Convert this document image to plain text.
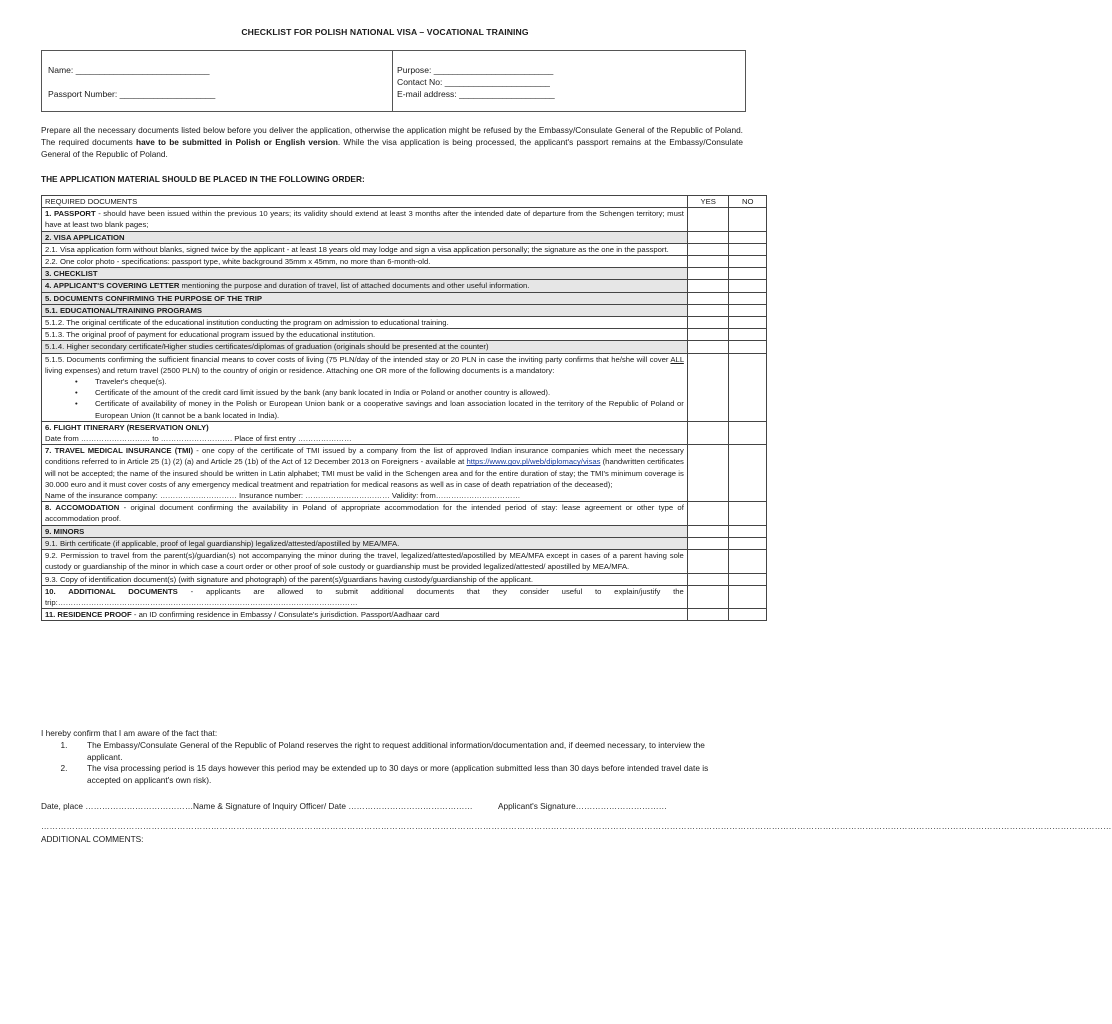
CHECKLIST FOR POLISH NATIONAL VISA – VOCATIONAL TRAINING
Name: ____________________________
Passport Number: ____________________
Purpose: _________________________
Contact No: ______________________
E-mail address: ____________________
Prepare all the necessary documents listed below before you deliver the application, otherwise the application might be refused by the Embassy/Consulate General of the Republic of Poland. The required documents have to be submitted in Polish or English version. While the visa application is being processed, the applicant's passport remains at the Embassy/Consulate General of the Republic of Poland.
THE APPLICATION MATERIAL SHOULD BE PLACED IN THE FOLLOWING ORDER:
REQUIRED DOCUMENTS	YES	NO
1. PASSPORT - should have been issued within the previous 10 years; its validity should extend at least 3 months after the intended date of departure from the Schengen territory; must have at least two blank pages;		
2. VISA APPLICATION		
2.1. Visa application form without blanks, signed twice by the applicant - at least 18 years old may lodge and sign a visa application personally; the signature as the one in the passport.		
2.2. One color photo - specifications: passport type, white background 35mm x 45mm, no more than 6-month-old.		
3. CHECKLIST		
4. APPLICANT'S COVERING LETTER mentioning the purpose and duration of travel, list of attached documents and other useful information.		
5. DOCUMENTS CONFIRMING THE PURPOSE OF THE TRIP		
5.1. EDUCATIONAL/TRAINING PROGRAMS		
5.1.2. The original certificate of the educational institution conducting the program on admission to educational training.		
5.1.3. The original proof of payment for educational program issued by the educational institution.		
5.1.4. Higher secondary certificate/Higher studies certificates/diplomas of graduation (originals should be presented at the counter)		

5.1.5. Documents confirming the sufficient financial means to cover costs of living (75 PLN/day of the intended stay or 20 PLN in case the inviting party confirms that he/she will cover ALL living expenses) and return travel (2500 PLN) to the country of origin or residence. Attaching one OR more of the following documents is a mandatory:
• Traveler's cheque(s).
• Certificate of the amount of the credit card limit issued by the bank (any bank located in India or Poland or another country is allowed).
• Certificate of availability of money in the Polish or European Union bank or a cooperative savings and loan association located in the territory of the Republic of Poland or European Union (It cannot be a bank located in India).		

6. FLIGHT ITINERARY (RESERVATION ONLY)
Date from ……………………… to ………………………. Place of first entry …………………		

7. TRAVEL MEDICAL INSURANCE (TMI) - one copy of the certificate of TMI issued by a company from the list of approved Indian insurance companies which meet the necessary conditions referred to in Article 25 (1) (2) (a) and Article 25 (1b) of the Act of 12 December 2013 on Foreigners - available at https://www.gov.pl/web/diplomacy/visas (handwritten certificates will not be accepted; the name of the insured should be written in Latin alphabet; TMI must be valid in the Schengen area and for the entire duration of stay; the TMI's minimum coverage is 30.000 euro and it must cover costs of any emergency medical treatment and repatriation for medical reasons as well as in case of death repatriation of the deceased);
Name of the insurance company: ………………………… Insurance number: …………………………… Validity: from……………………………		

8. ACCOMODATION - original document confirming the availability in Poland of appropriate accommodation for the intended period of stay: lease agreement or other type of accommodation proof.		
9. MINORS		
9.1. Birth certificate (if applicable, proof of legal guardianship) legalized/attested/apostilled by MEA/MFA.		
9.2. Permission to travel from the parent(s)/guardian(s) not accompanying the minor during the travel, legalized/attested/apostilled by MEA/MFA except in cases of a parent having sole custody or guardianship of the minor in which case a court order or other proof of sole custody or guardianship must be provided legalized/attested/ apostilled by MEA/MFA.		
9.3. Copy of identification document(s) (with signature and photograph) of the parent(s)/guardians having custody/guardianship of the applicant.		
10. ADDITIONAL DOCUMENTS - applicants are allowed to submit additional documents that they consider useful to explain/justify the trip:………………………………………………………………………………………………………		
11. RESIDENCE PROOF - an ID confirming residence in Embassy / Consulate's jurisdiction. Passport/Aadhaar card		
I hereby confirm that I am aware of the fact that:
1.	The Embassy/Consulate General of the Republic of Poland reserves the right to request additional information/documentation and, if deemed necessary, to interview the applicant.
2.	The visa processing period is 15 days however this period may be extended up to 30 days or more (application submitted less than 30 days before intended travel date is accepted on applicant's own risk).
Date, place ………………………………… Name & Signature of Inquiry Officer/ Date ………………………………………	Applicant's Signature……………………………
………………………………………………………………………………………………………………………………………………………………………………………………………………………………………………………………………………………………………………………………………………
ADDITIONAL COMMENTS:
